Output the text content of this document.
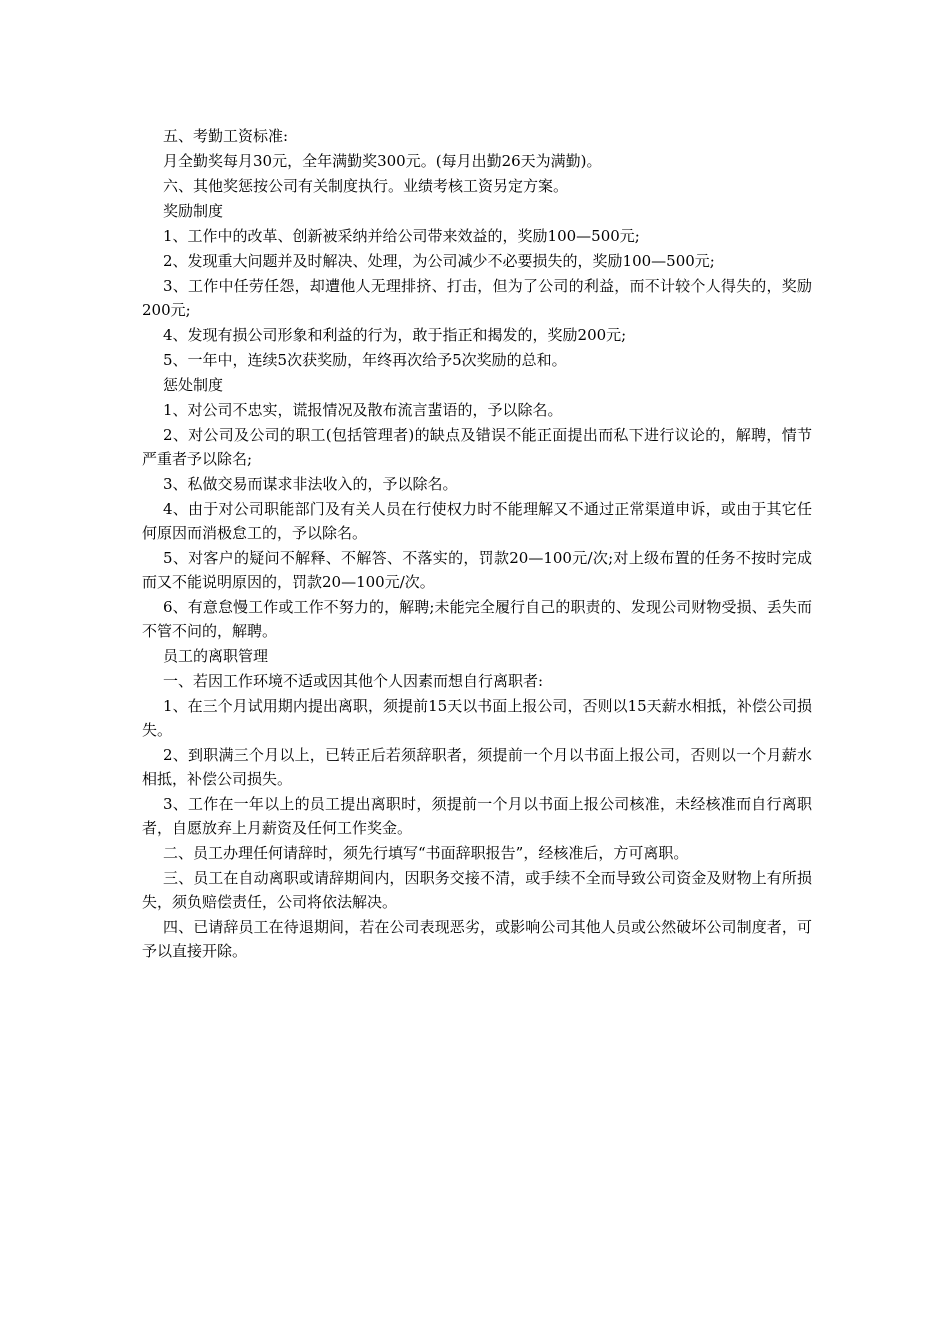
五、考勤工资标准:

月全勤奖每月30元，全年满勤奖300元。(每月出勤26天为满勤)。

六、其他奖惩按公司有关制度执行。业绩考核工资另定方案。

奖励制度

1、工作中的改革、创新被采纳并给公司带来效益的，奖励100—500元;

2、发现重大问题并及时解决、处理，为公司减少不必要损失的，奖励100—500元;

3、工作中任劳任怨，却遭他人无理排挤、打击，但为了公司的利益，而不计较个人得失的，奖励200元;

4、发现有损公司形象和利益的行为，敢于指正和揭发的，奖励200元;

5、一年中，连续5次获奖励，年终再次给予5次奖励的总和。

惩处制度

1、对公司不忠实，谎报情况及散布流言蜚语的，予以除名。

2、对公司及公司的职工(包括管理者)的缺点及错误不能正面提出而私下进行议论的，解聘，情节严重者予以除名;

3、私做交易而谋求非法收入的，予以除名。

4、由于对公司职能部门及有关人员在行使权力时不能理解又不通过正常渠道申诉，或由于其它任何原因而消极怠工的，予以除名。

5、对客户的疑问不解释、不解答、不落实的，罚款20—100元/次;对上级布置的任务不按时完成而又不能说明原因的，罚款20—100元/次。

6、有意怠慢工作或工作不努力的，解聘;未能完全履行自己的职责的、发现公司财物受损、丢失而不管不问的，解聘。

员工的离职管理

一、若因工作环境不适或因其他个人因素而想自行离职者:

1、在三个月试用期内提出离职，须提前15天以书面上报公司，否则以15天薪水相抵，补偿公司损失。

2、到职满三个月以上，已转正后若须辞职者，须提前一个月以书面上报公司，否则以一个月薪水相抵，补偿公司损失。

3、工作在一年以上的员工提出离职时，须提前一个月以书面上报公司核准，未经核准而自行离职者，自愿放弃上月薪资及任何工作奖金。

二、员工办理任何请辞时，须先行填写“书面辞职报告”，经核准后，方可离职。

三、员工在自动离职或请辞期间内，因职务交接不清，或手续不全而导致公司资金及财物上有所损失，须负赔偿责任，公司将依法解决。

四、已请辞员工在待退期间，若在公司表现恶劣，或影响公司其他人员或公然破坏公司制度者，可予以直接开除。
